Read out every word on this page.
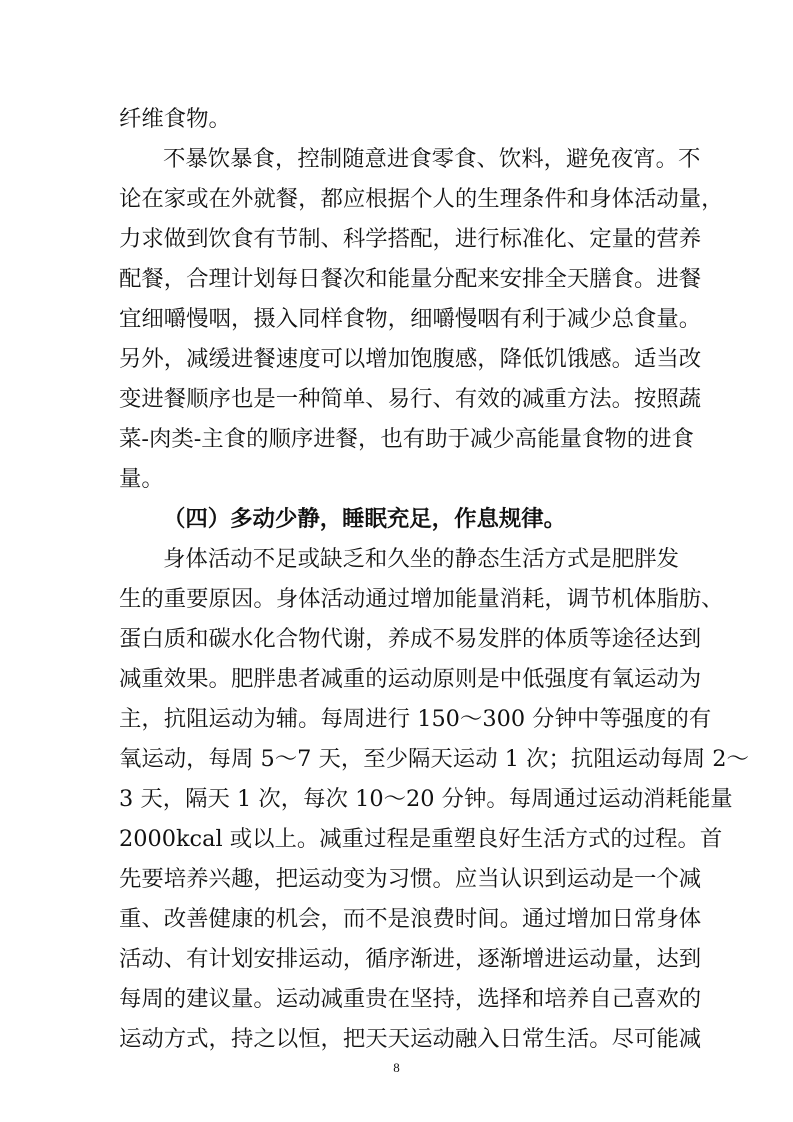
纤维食物。
不暴饮暴食，控制随意进食零食、饮料，避免夜宵。不
论在家或在外就餐，都应根据个人的生理条件和身体活动量，
力求做到饮食有节制、科学搭配，进行标准化、定量的营养
配餐，合理计划每日餐次和能量分配来安排全天膳食。进餐
宜细嚼慢咽，摄入同样食物，细嚼慢咽有利于减少总食量。
另外，减缓进餐速度可以增加饱腹感，降低饥饿感。适当改
变进餐顺序也是一种简单、易行、有效的减重方法。按照蔬
菜-肉类-主食的顺序进餐，也有助于减少高能量食物的进食
量。
（四）多动少静，睡眠充足，作息规律。
身体活动不足或缺乏和久坐的静态生活方式是肥胖发
生的重要原因。身体活动通过增加能量消耗，调节机体脂肪、
蛋白质和碳水化合物代谢，养成不易发胖的体质等途径达到
减重效果。肥胖患者减重的运动原则是中低强度有氧运动为
主，抗阻运动为辅。每周进行 150～300 分钟中等强度的有
氧运动，每周 5～7 天，至少隔天运动 1 次；抗阻运动每周 2～
3 天，隔天 1 次，每次 10～20 分钟。每周通过运动消耗能量
2000kcal 或以上。减重过程是重塑良好生活方式的过程。首
先要培养兴趣，把运动变为习惯。应当认识到运动是一个减
重、改善健康的机会，而不是浪费时间。通过增加日常身体
活动、有计划安排运动，循序渐进，逐渐增进运动量，达到
每周的建议量。运动减重贵在坚持，选择和培养自己喜欢的
运动方式，持之以恒，把天天运动融入日常生活。尽可能减
8
